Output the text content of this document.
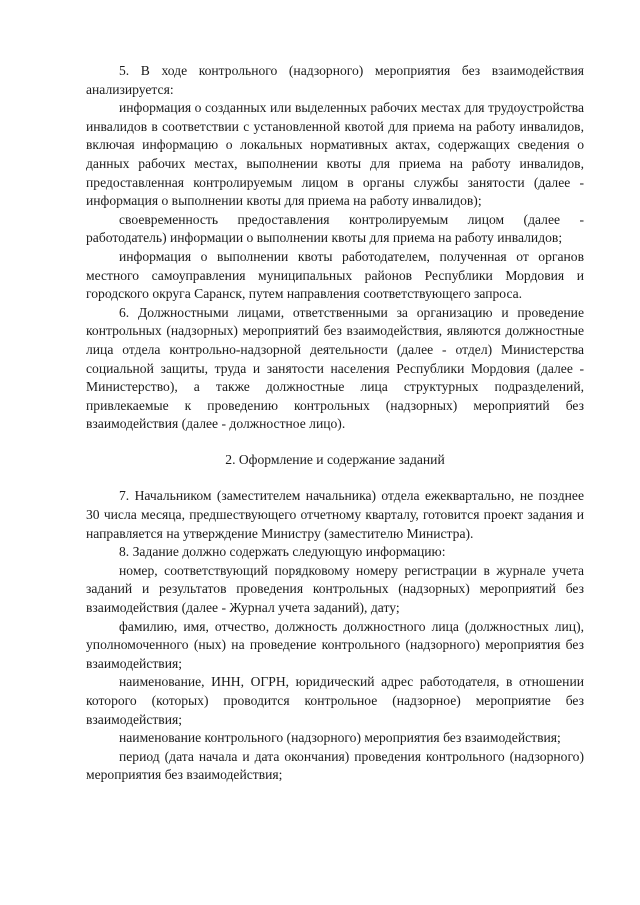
5. В ходе контрольного (надзорного) мероприятия без взаимодействия анализируется:

информация о созданных или выделенных рабочих местах для трудоустройства инвалидов в соответствии с установленной квотой для приема на работу инвалидов, включая информацию о локальных нормативных актах, содержащих сведения о данных рабочих местах, выполнении квоты для приема на работу инвалидов, предоставленная контролируемым лицом в органы службы занятости (далее - информация о выполнении квоты для приема на работу инвалидов);

своевременность предоставления контролируемым лицом (далее - работодатель) информации о выполнении квоты для приема на работу инвалидов;

информация о выполнении квоты работодателем, полученная от органов местного самоуправления муниципальных районов Республики Мордовия и городского округа Саранск, путем направления соответствующего запроса.

6. Должностными лицами, ответственными за организацию и проведение контрольных (надзорных) мероприятий без взаимодействия, являются должностные лица отдела контрольно-надзорной деятельности (далее - отдел) Министерства социальной защиты, труда и занятости населения Республики Мордовия (далее - Министерство), а также должностные лица структурных подразделений, привлекаемые к проведению контрольных (надзорных) мероприятий без взаимодействия (далее - должностное лицо).

2. Оформление и содержание заданий

7. Начальником (заместителем начальника) отдела ежеквартально, не позднее 30 числа месяца, предшествующего отчетному кварталу, готовится проект задания и направляется на утверждение Министру (заместителю Министра).

8. Задание должно содержать следующую информацию:

номер, соответствующий порядковому номеру регистрации в журнале учета заданий и результатов проведения контрольных (надзорных) мероприятий без взаимодействия (далее - Журнал учета заданий), дату;

фамилию, имя, отчество, должность должностного лица (должностных лиц), уполномоченного (ных) на проведение контрольного (надзорного) мероприятия без взаимодействия;

наименование, ИНН, ОГРН, юридический адрес работодателя, в отношении которого (которых) проводится контрольное (надзорное) мероприятие без взаимодействия;

наименование контрольного (надзорного) мероприятия без взаимодействия;

период (дата начала и дата окончания) проведения контрольного (надзорного) мероприятия без взаимодействия;
